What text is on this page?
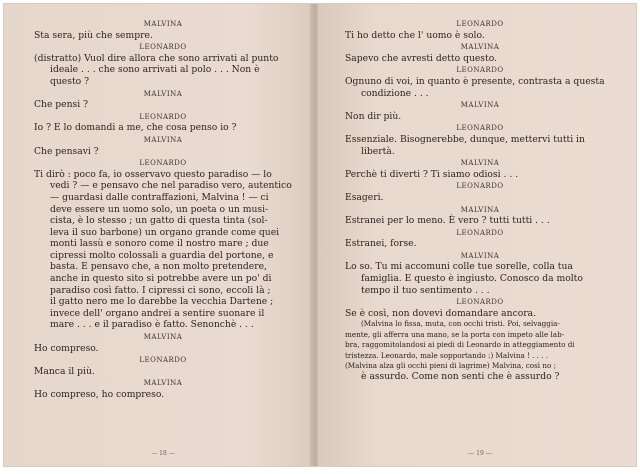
MALVINA
Sta sera, più che sempre.
LEONARDO
(distratto) Vuol dire allora che sono arrivati al punto
ideale . . . che sono arrivati al polo . . . Non è
questo ?
MALVINA
Che pensi ?
LEONARDO
Io ? E lo domandi a me, che cosa penso io ?
MALVINA
Che pensavi ?
LEONARDO
Ti dirò : poco fa, io osservavo questo paradiso — lo
vedi ? — e pensavo che nel paradiso vero, autentico
— guardasi dalle contraffazioni, Malvina ! — ci
deve essere un uomo solo, un poeta o un musi-
cista, è lo stesso ; un gatto di questa tinta (sol-
leva il suo barbone) un organo grande come quei
monti lassù e sonoro come il nostro mare ; due
cipressi molto colossali a guardia del portone, e
basta. E pensavo che, a non molto pretendere,
anche in questo sito si potrebbe avere un po' di
paradiso così fatto. I cipressi ci sono, eccoli là ;
il gatto nero me lo darebbe la vecchia Dartene ;
invece dell' organo andrei a sentire suonare il
mare . . . e il paradiso è fatto. Senonchè . . .
MALVINA
Ho compreso.
LEONARDO
Manca il più.
MALVINA
Ho compreso, ho compreso.
— 18 —
LEONARDO
Ti ho detto che l' uomo è solo.
MALVINA
Sapevo che avresti detto questo.
LEONARDO
Ognuno di voi, in quanto è presente, contrasta a questa
condizione . . .
MALVINA
Non dir più.
LEONARDO
Essenziale. Bisognerebbe, dunque, mettervi tutti in
libertà.
MALVINA
Perchè ti diverti ? Ti siamo odiosi . . .
LEONARDO
Esageri.
MALVINA
Estranei per lo meno. È vero ? tutti tutti . . .
LEONARDO
Estranei, forse.
MALVINA
Lo so. Tu mi accomuni colle tue sorelle, colla tua
famiglia. E questo è ingiusto. Conosco da molto
tempo il tuo sentimento . . .
LEONARDO
Se è così, non dovevi domandare ancora.
(Malvina lo fissa, muta, con occhi tristi. Poi, selvaggia-
mente, gli afferra una mano, se la porta con impeto alle lab-
bra, raggomitolandosi ai piedi di Leonardo in atteggiamento di
tristezza. Leonardo, male sopportando :) Malvina ! . . . .
(Malvina alza gli occhi pieni di lagrime) Malvina, così no ;
è assurdo. Come non senti che è assurdo ?
— 19 —
